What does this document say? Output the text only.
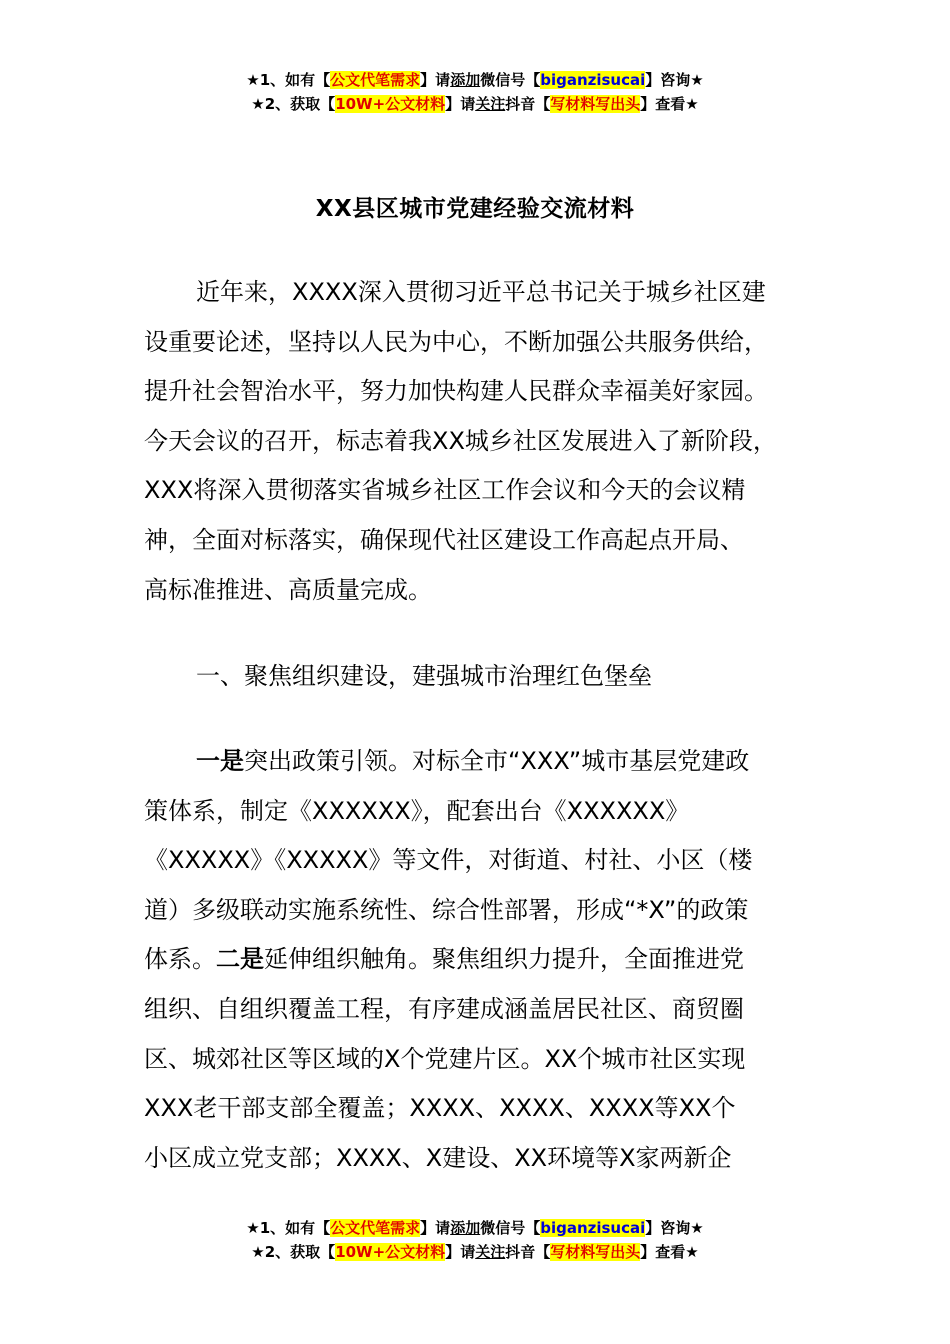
★1、如有【公文代笔需求】请添加微信号【biganzisucai】咨询★
★2、获取【10W+公文材料】请关注抖音【写材料写出头】查看★
XX县区城市党建经验交流材料
近年来，XXXX深入贯彻习近平总书记关于城乡社区建
设重要论述，坚持以人民为中心，不断加强公共服务供给，
提升社会智治水平，努力加快构建人民群众幸福美好家园。
今天会议的召开，标志着我XX城乡社区发展进入了新阶段，
XXX将深入贯彻落实省城乡社区工作会议和今天的会议精
神，全面对标落实，确保现代社区建设工作高起点开局、
高标准推进、高质量完成。
一、聚焦组织建设，建强城市治理红色堡垒
一是突出政策引领。对标全市“XXX”城市基层党建政
策体系，制定《XXXXXX》，配套出台《XXXXXX》
《XXXXX》《XXXXX》等文件，对街道、村社、小区（楼
道）多级联动实施系统性、综合性部署，形成“*X”的政策
体系。二是延伸组织触角。聚焦组织力提升，全面推进党
组织、自组织覆盖工程，有序建成涵盖居民社区、商贸圈
区、城郊社区等区域的X个党建片区。XX个城市社区实现
XXX老干部支部全覆盖；XXXX、XXXX、XXXX等XX个
小区成立党支部；XXXX、X建设、XX环境等X家两新企
★1、如有【公文代笔需求】请添加微信号【biganzisucai】咨询★
★2、获取【10W+公文材料】请关注抖音【写材料写出头】查看★
